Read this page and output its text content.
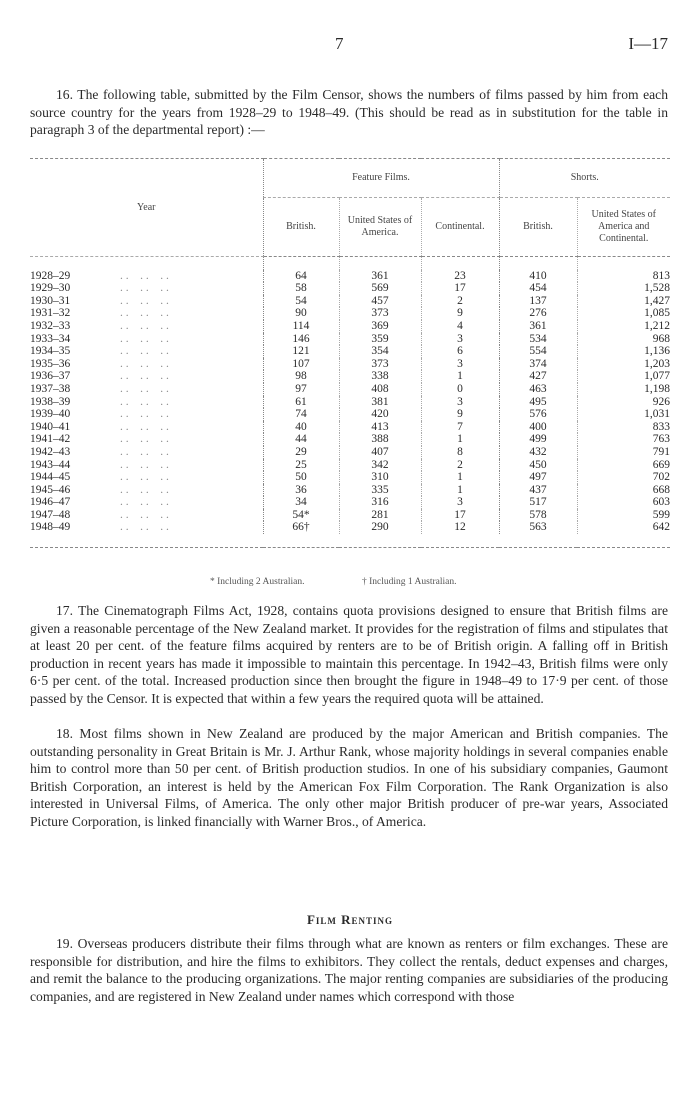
7	I—17

16. The following table, submitted by the Film Censor, shows the numbers of films passed by him from each source country for the years from 1928–29 to 1948–49. (This should be read as in substitution for the table in paragraph 3 of the departmental report) :—

Year	Feature Films.			Shorts.	
	British.	United States of America.	Continental.	British.	United States of America and Continental.

1928–29 . .    . .    . .	64	361	23	410	813
1929–30 . .    . .    . .	58	569	17	454	1,528
1930–31 . .    . .    . .	54	457	2	137	1,427
1931–32 . .    . .    . .	90	373	9	276	1,085
1932–33 . .    . .    . .	114	369	4	361	1,212
1933–34 . .    . .    . .	146	359	3	534	968
1934–35 . .    . .    . .	121	354	6	554	1,136
1935–36 . .    . .    . .	107	373	3	374	1,203
1936–37 . .    . .    . .	98	338	1	427	1,077
1937–38 . .    . .    . .	97	408	0	463	1,198
1938–39 . .    . .    . .	61	381	3	495	926
1939–40 . .    . .    . .	74	420	9	576	1,031
1940–41 . .    . .    . .	40	413	7	400	833
1941–42 . .    . .    . .	44	388	1	499	763
1942–43 . .    . .    . .	29	407	8	432	791
1943–44 . .    . .    . .	25	342	2	450	669
1944–45 . .    . .    . .	50	310	1	497	702
1945–46 . .    . .    . .	36	335	1	437	668
1946–47 . .    . .    . .	34	316	3	517	603
1947–48 . .    . .    . .	54*	281	17	578	599
1948–49 . .    . .    . .	66†	290	12	563	642

* Including 2 Australian.	† Including 1 Australian.

17. The Cinematograph Films Act, 1928, contains quota provisions designed to ensure that British films are given a reasonable percentage of the New Zealand market. It provides for the registration of films and stipulates that at least 20 per cent. of the feature films acquired by renters are to be of British origin. A falling off in British production in recent years has made it impossible to maintain this percentage. In 1942–43, British films were only 6·5 per cent. of the total. Increased production since then brought the figure in 1948–49 to 17·9 per cent. of those passed by the Censor. It is expected that within a few years the required quota will be attained.

18. Most films shown in New Zealand are produced by the major American and British companies. The outstanding personality in Great Britain is Mr. J. Arthur Rank, whose majority holdings in several companies enable him to control more than 50 per cent. of British production studios. In one of his subsidiary companies, Gaumont British Corporation, an interest is held by the American Fox Film Corporation. The Rank Organization is also interested in Universal Films, of America. The only other major British producer of pre-war years, Associated Picture Corporation, is linked financially with Warner Bros., of America.

Film Renting

19. Overseas producers distribute their films through what are known as renters or film exchanges. These are responsible for distribution, and hire the films to exhibitors. They collect the rentals, deduct expenses and charges, and remit the balance to the producing organizations. The major renting companies are subsidiaries of the producing companies, and are registered in New Zealand under names which correspond with those
